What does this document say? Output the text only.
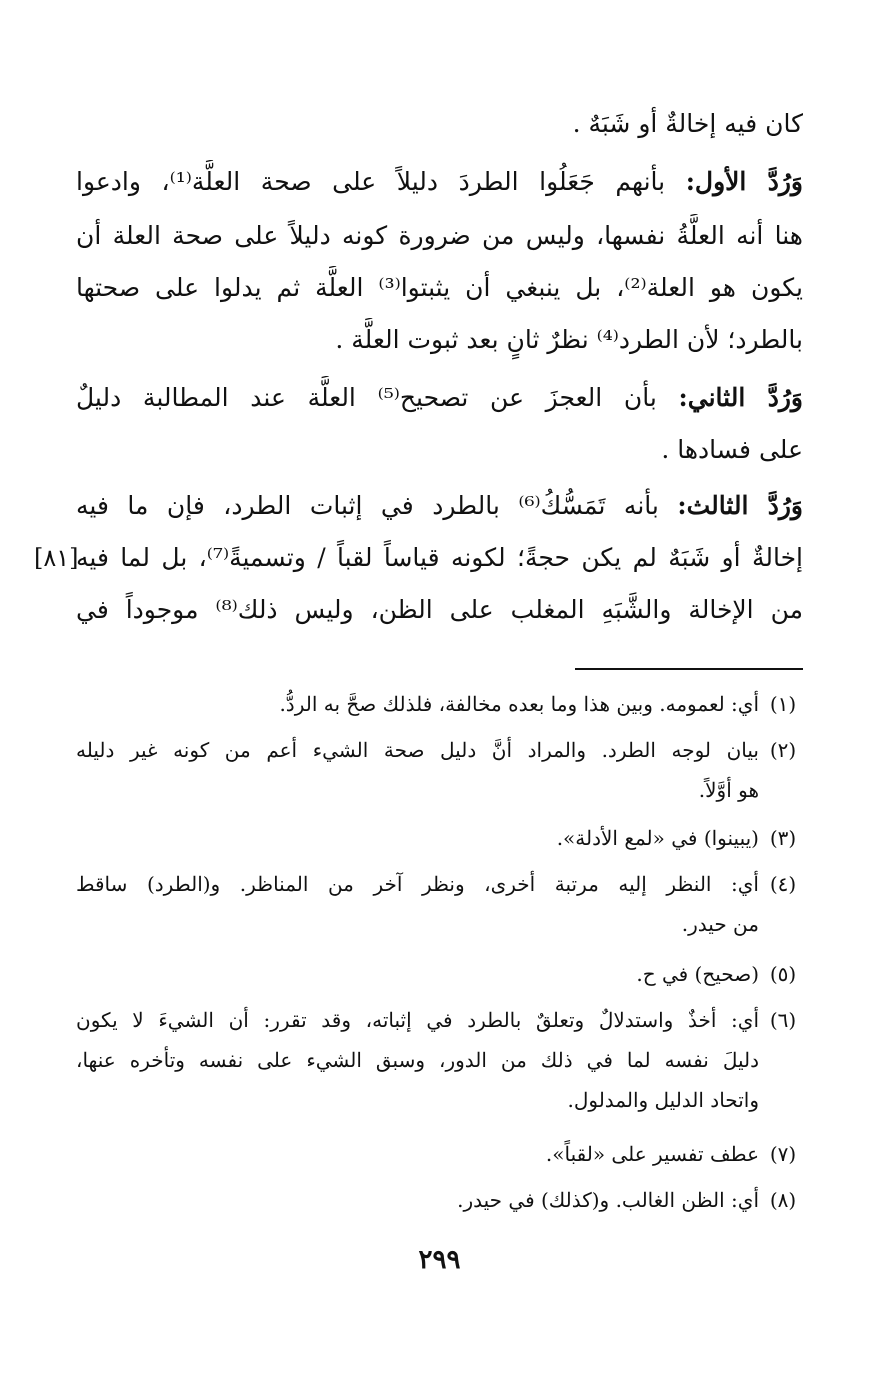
كان فيه إخالةٌ أو شَبَهٌ .
وَرُدَّ الأول: بأنهم جَعَلُوا الطردَ دليلاً على صحة العلَّة⁽¹⁾، وادعوا
هنا أنه العلَّةُ نفسها، وليس من ضرورة كونه دليلاً على صحة العلة أن
يكون هو العلة⁽²⁾، بل ينبغي أن يثبتوا⁽³⁾ العلَّة ثم يدلوا على صحتها
بالطرد؛ لأن الطرد⁽⁴⁾ نظرٌ ثانٍ بعد ثبوت العلَّة .
وَرُدَّ الثاني: بأن العجزَ عن تصحيح⁽⁵⁾ العلَّة عند المطالبة دليلٌ
على فسادها .
وَرُدَّ الثالث: بأنه تَمَسُّكُ⁽⁶⁾ بالطرد في إثبات الطرد، فإن ما فيه
إخالةٌ أو شَبَهٌ لم يكن حجةً؛ لكونه قياساً لقباً / وتسميةً⁽⁷⁾، بل لما فيه
من الإخالة والشَّبَهِ المغلب على الظن، وليس ذلك⁽⁸⁾ موجوداً في
[٨١]
(١)
أي: لعمومه. وبين هذا وما بعده مخالفة، فلذلك صحَّ به الردُّ.
(٢)
بيان لوجه الطرد. والمراد أنَّ دليل صحة الشيء أعم من كونه غير دليله
هو أوَّلاً.
(٣)
(يبينوا) في «لمع الأدلة».
(٤)
أي: النظر إليه مرتبة أخرى، ونظر آخر من المناظر. و(الطرد) ساقط
من حيدر.
(٥)
(صحيح) في ح.
(٦)
أي: أخذٌ واستدلالٌ وتعلقٌ بالطرد في إثباته، وقد تقرر: أن الشيءَ لا يكون
دليلَ نفسه لما في ذلك من الدور، وسبق الشيء على نفسه وتأخره عنها،
واتحاد الدليل والمدلول.
(٧)
عطف تفسير على «لقباً».
(٨)
أي: الظن الغالب. و(كذلك) في حيدر.
٢٩٩
